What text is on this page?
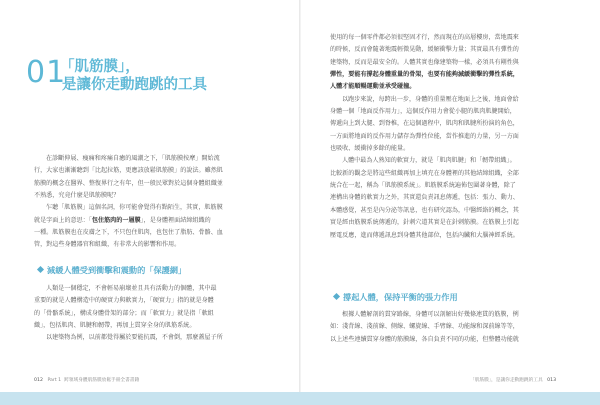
01
「肌筋膜」，
是讓你走動跑跳的工具

在診斷伸展、瘦痛和疼痛自癒的風潮之下，「肌筋膜按摩」開始流
行，大家也漸漸聽到「比起拉筋，更應該放鬆肌筋膜」的說法。雖然肌
筋膜的概念在醫界、整復界行之有年，但一般民眾對於這個身體組織並
不熟悉，究竟什麼是肌筋膜呢？

乍聽「肌筋膜」這個名詞，你可能會覺得有點陌生，其實，肌筋膜
就是字面上的意思：「包住筋肉的一層膜」，是身體裡面結締組織的
一種。肌筋膜也在皮膚之下，不只包住肌肉，也包住了脂肪、骨骼、血
管，對這些身體器官和組織，有非常大的影響和作用。

減緩人體受到衝擊和震動的「保護網」

人類是一個穩定，不會輕易崩壞並且具有活動力的個體，其中最
重要的就是人體構造中的硬實力與軟實力，「硬實力」指的就是身體
的「骨骼系統」，構成身體骨架的部分；而「軟實力」就是指「軟組
織」，包括肌肉、肌腱和韌帶，再加上貫穿全身的肌筋系統。

以建築物為例，以前都覺得屬於要能抗震，不會倒，那麼蓋屋子所

012 Part 1 跨領域身體肌筋膜放鬆手冊全書書籍

使用的每一個零件都必須很堅固才行，然而現在的高層樓房，當地震來
的時候，反而會隨著地震輕微晃動，緩解衝擊力量；其實最具有彈性的
建築物，反而是最安全的。人體其實也像建築物一樣，必須具有剛性與
彈性，要能有撐起身體重量的骨架，也要有能夠減緩衝擊的彈性系統，
人體才能順暢運動並承受碰撞。

以跑步來說，每跨出一步，身體的重量壓在地面上之後，地面會給
身體一個「地面反作用力」，這個反作用力會從小腿的肌肉肌腱開始，
傳遞向上到大腿、到脊椎，在這個過程中，肌肉和肌腱所扮演的角色，
一方面將地面的反作用力儲存為彈性位能，當作推進的力量，另一方面
也吸收、緩衝掉多餘的能量。

人體中最為人熟知的軟實力，就是「肌肉肌腱」和「韌帶組織」。
比較新的觀念是將這些組織再加上填充在身體裡的其他結締組織，全部
統合在一起，稱為「肌筋膜系統」。肌筋膜系統遍佈包圍著身體，除了
連構出身體的軟實力之外，其實還負責訊息傳遞，包括：張力、動力、
本體感覺，甚至是內分泌等訊息，也有研究認為，中醫經絡的概念，其
實是經由筋膜系統傳遞的，針刺穴道其實是在針刺筋膜。在筋膜上引起
壓電反應，進而傳遞訊息到身體其他部位，包括內臟和大腦神經系統。

撐起人體，保持平衡的張力作用

根據人體解剖的貫穿路線，身體可以剖解出好幾條連貫的筋膜，例
如：淺背線、淺前線、側線、螺旋線、手臂線、功能線和深前線等等，
以上述些連續貫穿身體的筋膜線，各自負責不同的功能，但整體功能就

「肌筋膜」，是讓你走動跑跳的工具 013
